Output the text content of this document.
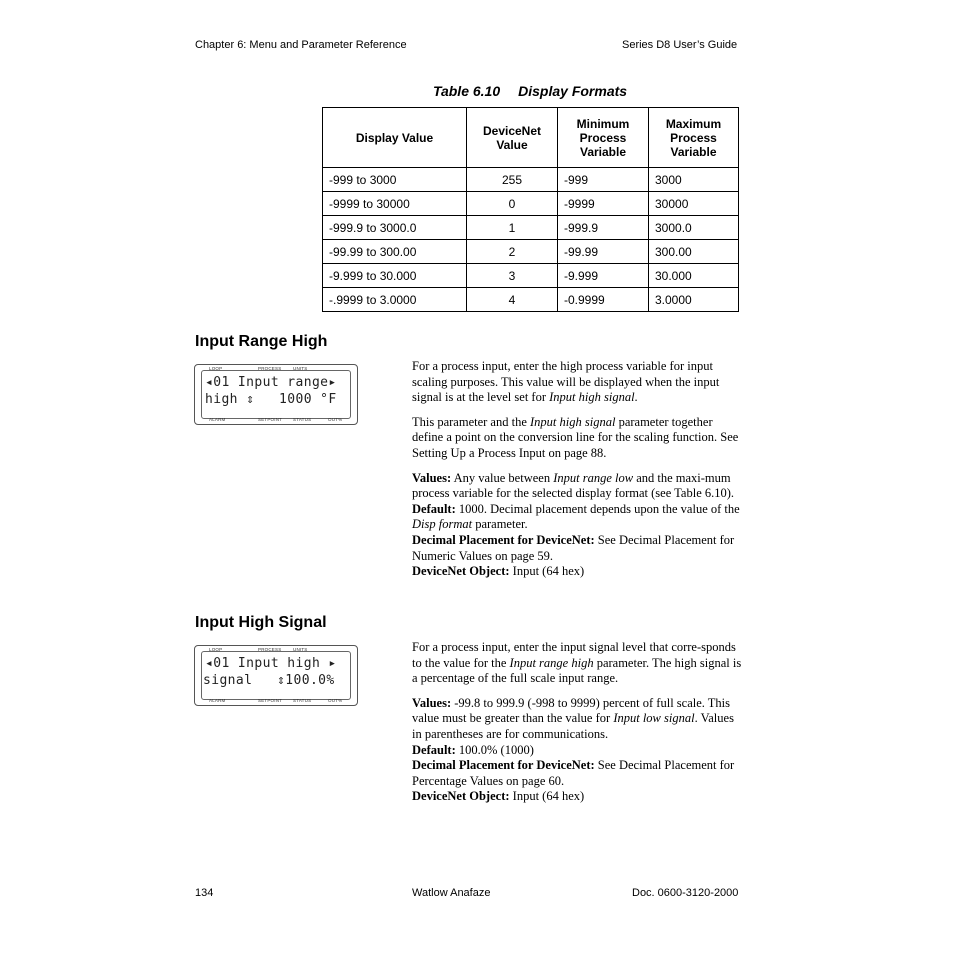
Chapter 6: Menu and Parameter Reference	Series D8 User’s Guide
Table 6.10 Display Formats
Display Value	DeviceNet Value	Minimum Process Variable	Maximum Process Variable
-999 to 3000	255	-999	3000
-9999 to 30000	0	-9999	30000
-999.9 to 3000.0	1	-999.9	3000.0
-99.99 to 300.00	2	-99.99	300.00
-9.999 to 30.000	3	-9.999	30.000
-.9999 to 3.0000	4	-0.9999	3.0000
Input Range High
LOOP	PROCESS	UNITS
ALARM	SETPOINT STATUS	OUT%
◂01 Input range▸
high ⇕   1000 °F

For a process input, enter the high process variable for input scaling purposes. This value will be displayed when the input signal is at the level set for Input high signal.

This parameter and the Input high signal parameter together define a point on the conversion line for the scaling function. See Setting Up a Process Input on page 88.

Values: Any value between Input range low and the maxi-mum process variable for the selected display format (see Table 6.10).

Default: 1000. Decimal placement depends upon the value of the Disp format parameter.

Decimal Placement for DeviceNet: See Decimal Placement for Numeric Values on page 59.

DeviceNet Object: Input (64 hex)

Input High Signal
LOOP	PROCESS	UNITS
ALARM	SETPOINT STATUS	OUT%
◂01 Input high ▸
signal   ⇕100.0%

For a process input, enter the input signal level that corre-sponds to the value for the Input range high parameter. The high signal is a percentage of the full scale input range.

Values: -99.8 to 999.9 (-998 to 9999) percent of full scale. This value must be greater than the value for Input low signal. Values in parentheses are for communications.

Default: 100.0% (1000)

Decimal Placement for DeviceNet: See Decimal Placement for Percentage Values on page 60.

DeviceNet Object: Input (64 hex)

134	Watlow Anafaze	Doc. 0600-3120-2000
